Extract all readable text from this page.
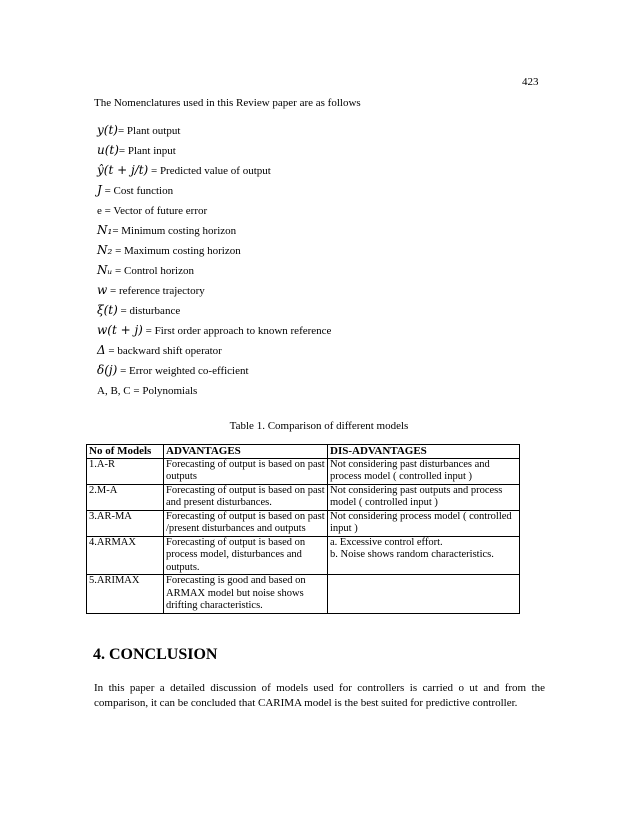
423
The Nomenclatures used in this Review paper are as follows
y(t)= Plant output
u(t)= Plant input
ŷ(t + j/t) = Predicted value of output
J = Cost function
e = Vector of future error
N₁= Minimum costing horizon
N₂ = Maximum costing horizon
Nᵤ = Control horizon
w = reference trajectory
ξ(t) = disturbance
w(t + j) = First order approach to known reference
Δ = backward shift operator
δ(j) = Error weighted co-efficient
A, B, C = Polynomials
Table 1. Comparison of different models
No of Models	ADVANTAGES	DIS-ADVANTAGES
1.A-R	Forecasting of output is based on past outputs	Not considering past disturbances and process model ( controlled input )
2.M-A	Forecasting of output is based on past and present disturbances.	Not considering past outputs and process model ( controlled input )
3.AR-MA	Forecasting of output is based on past /present disturbances and outputs	Not considering process model ( controlled input )
4.ARMAX	Forecasting of output is based on process model, disturbances and outputs.	a. Excessive control effort.
b. Noise shows random characteristics.
5.ARIMAX	Forecasting is good and based on ARMAX model but noise shows drifting characteristics.	
4. CONCLUSION

In this paper a detailed discussion of models used for controllers is carried o ut and from the comparison, it can be concluded that CARIMA model is the best suited for predictive controller.
